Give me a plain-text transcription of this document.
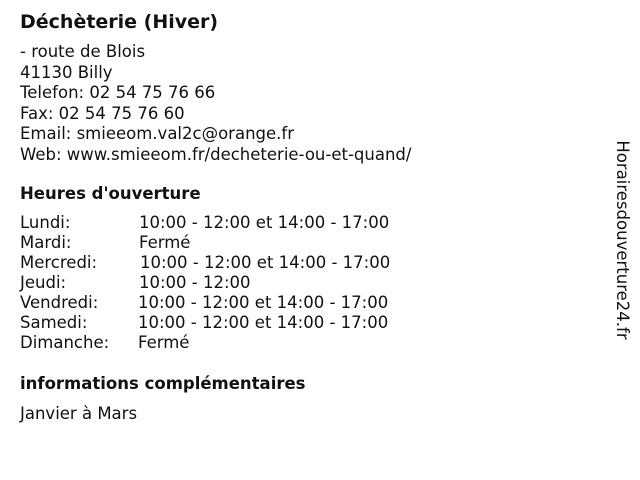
Déchèterie (Hiver)
- route de Blois
41130 Billy
Telefon: 02 54 75 76 66
Fax: 02 54 75 76 60
Email: smieeom.val2c@orange.fr
Web: www.smieeom.fr/decheterie-ou-et-quand/
Heures d'ouverture
Lundi:	10:00 - 12:00 et 14:00 - 17:00
Mardi:	Fermé
Mercredi:	10:00 - 12:00 et 14:00 - 17:00
Jeudi:	10:00 - 12:00
Vendredi: 10:00 - 12:00 et 14:00 - 17:00
Samedi:	10:00 - 12:00 et 14:00 - 17:00
Dimanche: Fermé
informations complémentaires
Janvier à Mars
Horairesdouverture24.fr
